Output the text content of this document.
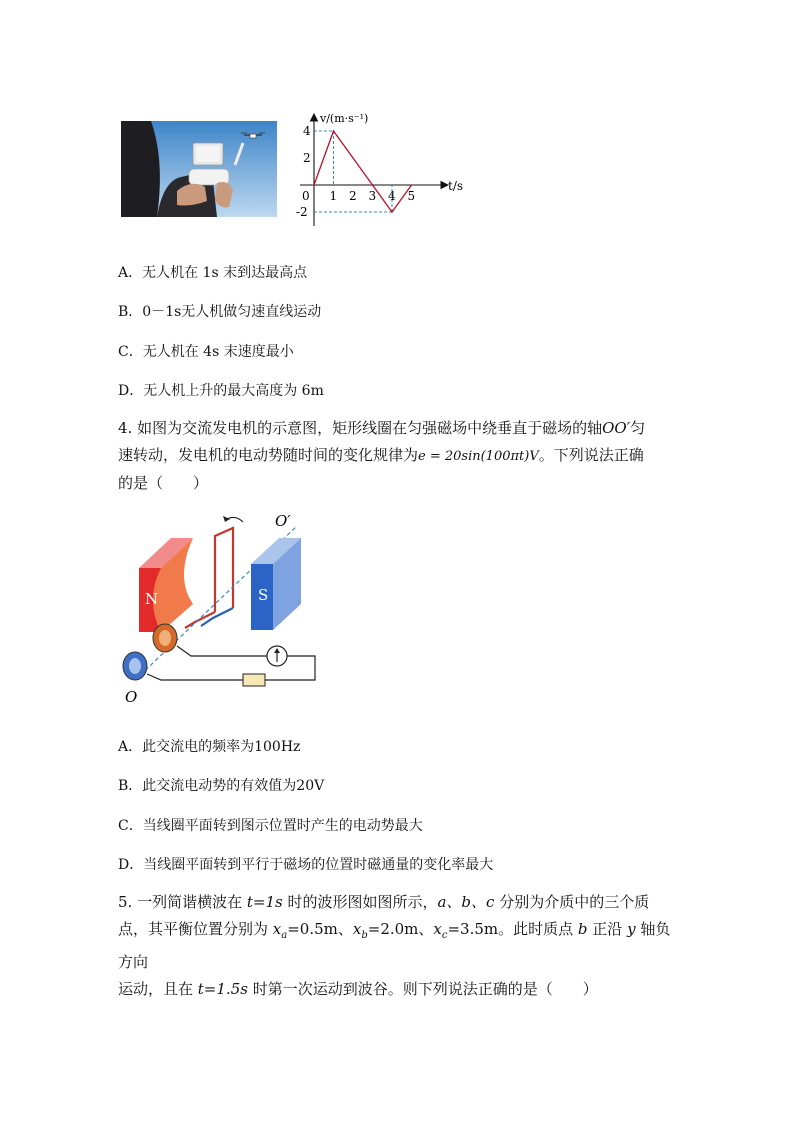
v/(m·s⁻¹)
t/s
0 1 2 3 4 5
4
2
-2
A．无人机在 1s 末到达最高点
B．0－1s无人机做匀速直线运动
C．无人机在 4s 末速度最小
D．无人机上升的最大高度为 6m
4. 如图为交流发电机的示意图，矩形线圈在匀强磁场中绕垂直于磁场的轴OO′匀
速转动，发电机的电动势随时间的变化规律为e = 20sin(100πt)V。下列说法正确
的是（　　）
N
O′
S
O
A．此交流电的频率为100Hz
B．此交流电动势的有效值为20V
C．当线圈平面转到图示位置时产生的电动势最大
D．当线圈平面转到平行于磁场的位置时磁通量的变化率最大
5. 一列简谐横波在 t=1s 时的波形图如图所示，a、b、c 分别为介质中的三个质
点，其平衡位置分别为 $x_a=0.5m$、$x_b=2.0m$、$x_c=3.5m$。此时质点 b 正沿 y 轴负方向
运动，且在 t=1.5s 时第一次运动到波谷。则下列说法正确的是（　　）
